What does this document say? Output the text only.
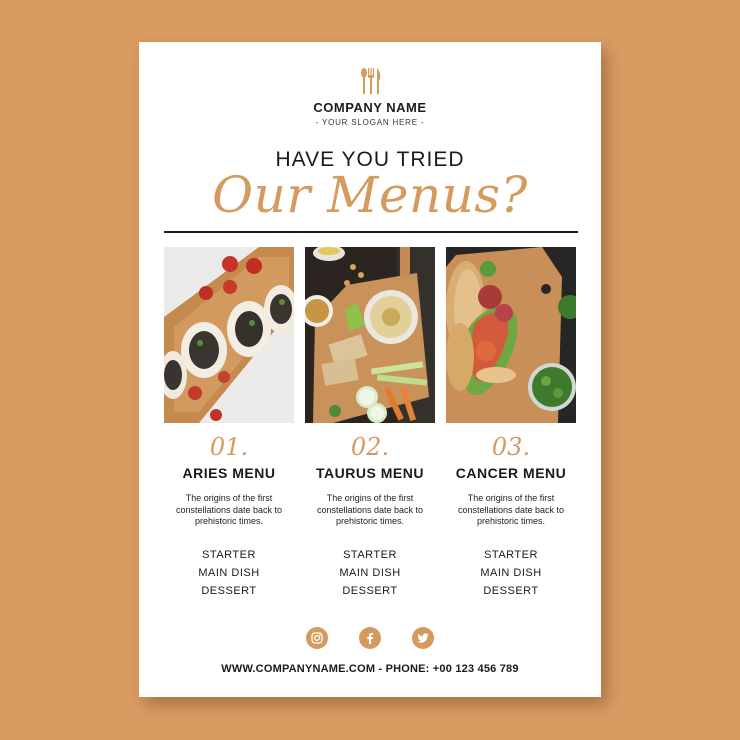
COMPANY NAME
- YOUR SLOGAN HERE -
HAVE YOU TRIED
Our Menus?
01.
ARIES MENU
The origins of the first constellations date back to prehistoric times.
STARTER
MAIN DISH
DESSERT
02.
TAURUS MENU
The origins of the first constellations date back to prehistoric times.
STARTER
MAIN DISH
DESSERT
03.
CANCER MENU
The origins of the first constellations date back to prehistoric times.
STARTER
MAIN DISH
DESSERT
WWW.COMPANYNAME.COM - PHONE: +00 123 456 789
